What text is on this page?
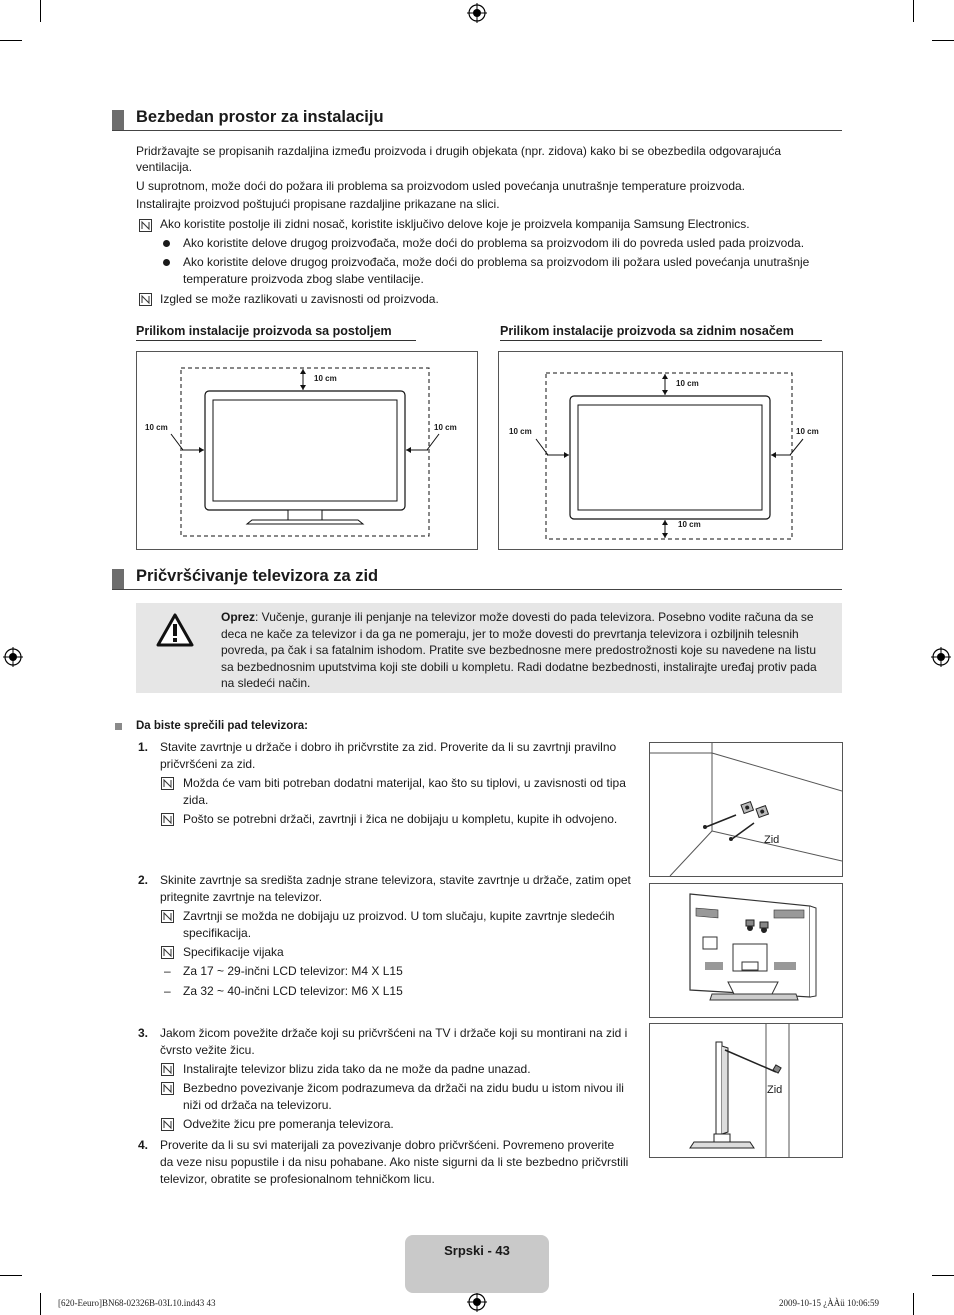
Bezbedan prostor za instalaciju
Pridržavajte se propisanih razdaljina između proizvoda i drugih objekata (npr. zidova) kako bi se obezbedila odgovarajuća
ventilacija.
U suprotnom, može doći do požara ili problema sa proizvodom usled povećanja unutrašnje temperature proizvoda.
Instalirajte proizvod poštujući propisane razdaljine prikazane na slici.
Ako koristite postolje ili zidni nosač, koristite isključivo delove koje je proizvela kompanija Samsung Electronics.
Ako koristite delove drugog proizvođača, može doći do problema sa proizvodom ili do povreda usled pada proizvoda.
Ako koristite delove drugog proizvođača, može doći do problema sa proizvodom ili požara usled povećanja unutrašnje
temperature proizvoda zbog slabe ventilacije.
Izgled se može razlikovati u zavisnosti od proizvoda.
Prilikom instalacije proizvoda sa postoljem	Prilikom instalacije proizvoda sa zidnim nosačem
10 cm
10 cm	10 cm
10 cm
10 cm
10 cm	10 cm
Pričvršćivanje televizora za zid
Oprez: Vučenje, guranje ili penjanje na televizor može dovesti do pada televizora. Posebno vodite računa da se
deca ne kače za televizor i da ga ne pomeraju, jer to može dovesti do prevrtanja televizora i ozbiljnih telesnih
povreda, pa čak i sa fatalnim ishodom. Pratite sve bezbednosne mere predostrožnosti koje su navedene na listu
sa bezbednosnim uputstvima koji ste dobili u kompletu. Radi dodatne bezbednosti, instalirajte uređaj protiv pada
na sledeći način.
Da biste sprečili pad televizora:
1. Stavite zavrtnje u držače i dobro ih pričvrstite za zid. Proverite da li su zavrtnji pravilno
pričvršćeni za zid.
Možda će vam biti potreban dodatni materijal, kao što su tiplovi, u zavisnosti od tipa
zida.
Pošto se potrebni držači, zavrtnji i žica ne dobijaju u kompletu, kupite ih odvojeno.
2. Skinite zavrtnje sa središta zadnje strane televizora, stavite zavrtnje u držače, zatim opet
pritegnite zavrtnje na televizor.
Zavrtnji se možda ne dobijaju uz proizvod. U tom slučaju, kupite zavrtnje sledećih
specifikacija.
Specifikacije vijaka
– Za 17 ~ 29-inčni LCD televizor: M4 X L15
– Za 32 ~ 40-inčni LCD televizor: M6 X L15
3. Jakom žicom povežite držače koji su pričvršćeni na TV i držače koji su montirani na zid i
čvrsto vežite žicu.
Instalirajte televizor blizu zida tako da ne može da padne unazad.
Bezbedno povezivanje žicom podrazumeva da držači na zidu budu u istom nivou ili
niži od držača na televizoru.
Odvežite žicu pre pomeranja televizora.
4. Proverite da li su svi materijali za povezivanje dobro pričvršćeni. Povremeno proverite
da veze nisu popustile i da nisu pohabane. Ako niste sigurni da li ste bezbedno pričvrstili
televizor, obratite se profesionalnom tehničkom licu.
Zid
Zid
Srpski - 43
[620-Eeuro]BN68-02326B-03L10.ind43 43	2009-10-15 ¿ÀÀü 10:06:59
